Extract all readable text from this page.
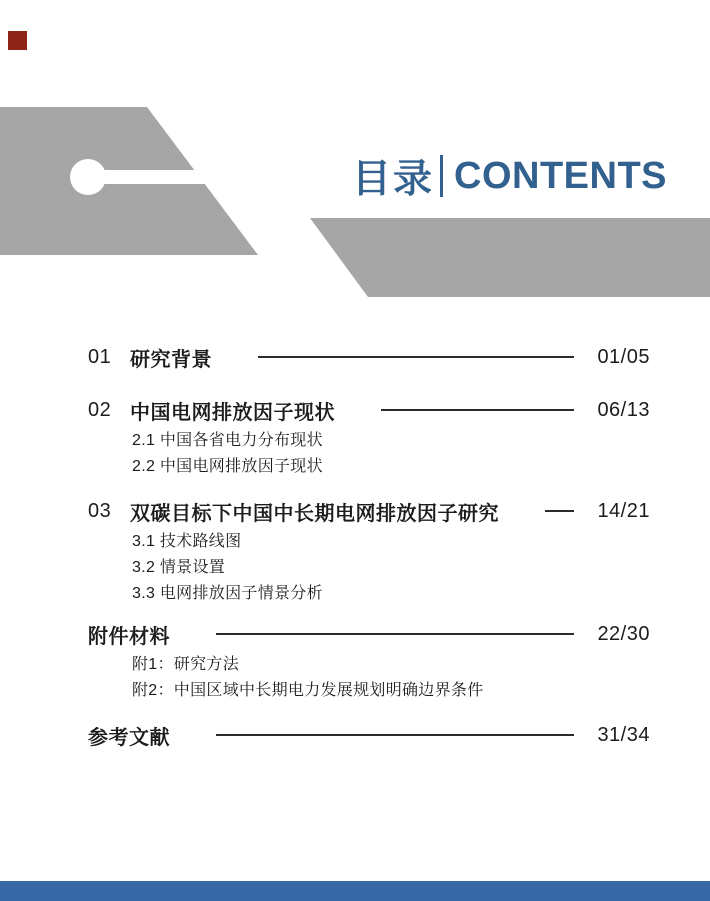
目录 CONTENTS
01 研究背景	01/05
02 中国电网排放因子现状	06/13
2.1 中国各省电力分布现状
2.2 中国电网排放因子现状
03 双碳目标下中国中长期电网排放因子研究	14/21
3.1 技术路线图
3.2 情景设置
3.3 电网排放因子情景分析
附件材料	22/30
附1：研究方法
附2：中国区域中长期电力发展规划明确边界条件
参考文献	31/34
